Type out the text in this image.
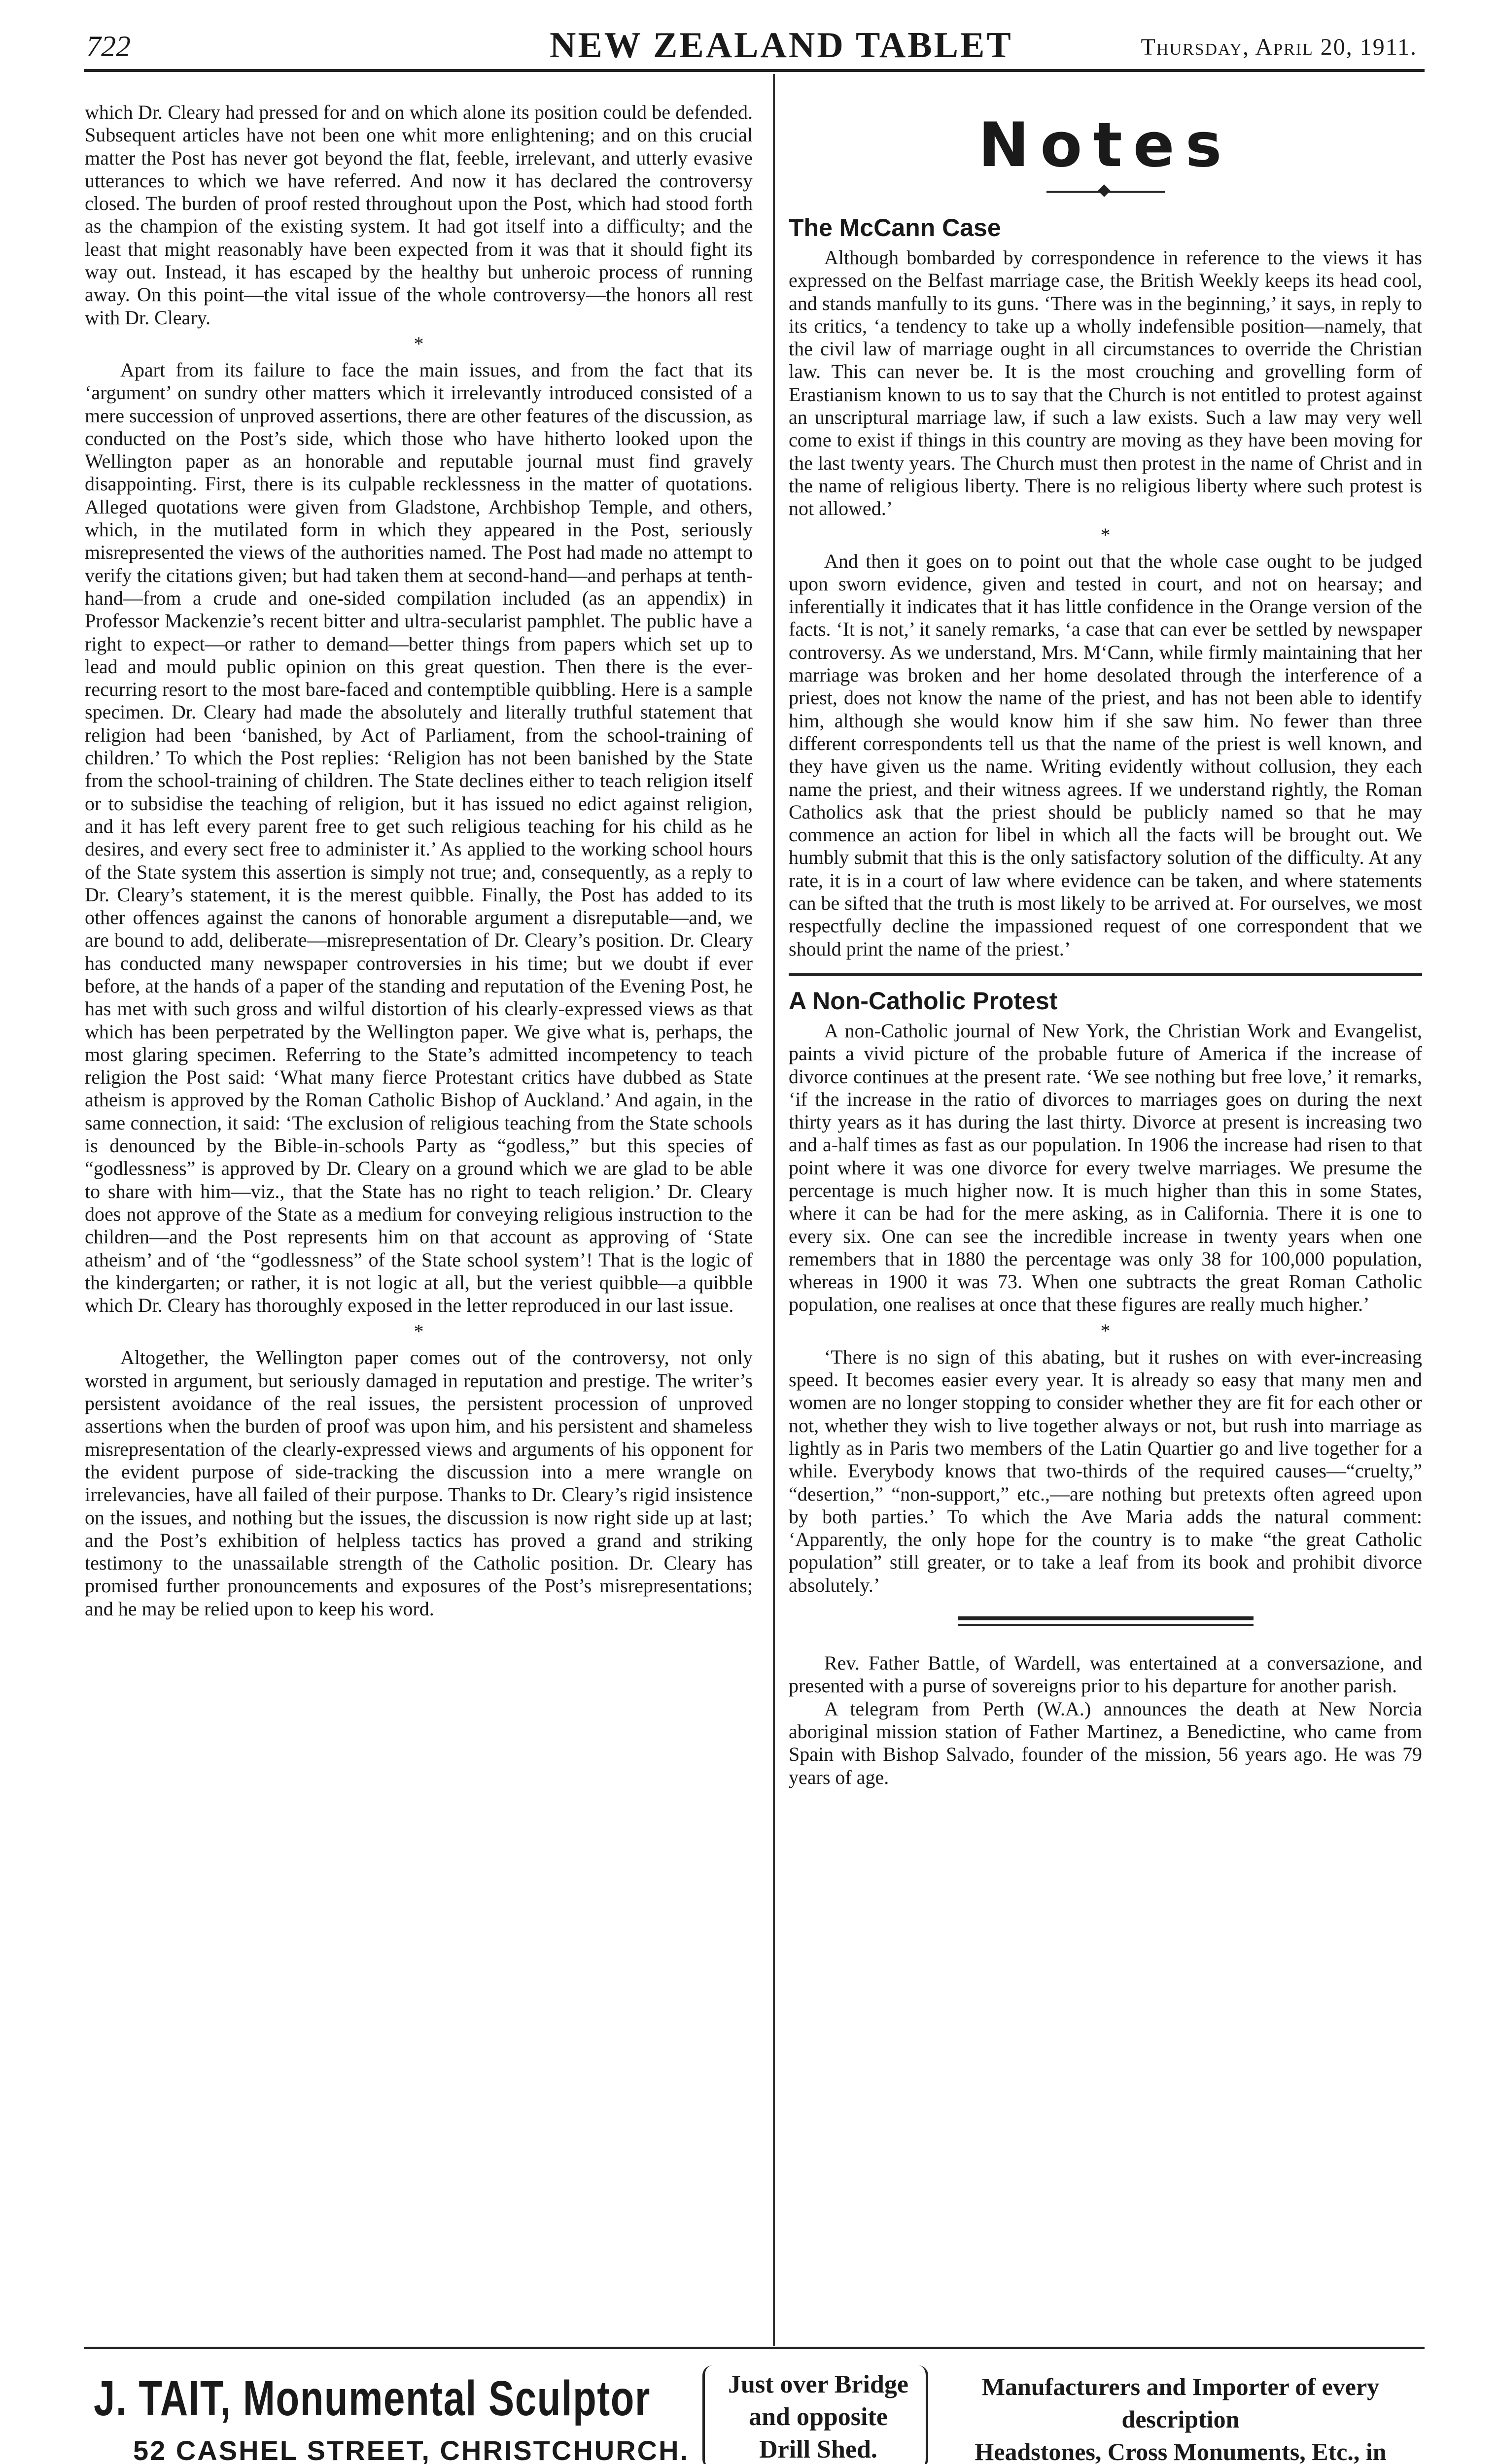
722	NEW ZEALAND TABLET	Thursday, April 20, 1911.

which Dr. Cleary had pressed for and on which alone its position could be defended. Subsequent articles have not been one whit more enlightening; and on this crucial matter the Post has never got beyond the flat, feeble, irrelevant, and utterly evasive utterances to which we have referred. And now it has declared the controversy closed. The burden of proof rested throughout upon the Post, which had stood forth as the champion of the existing system. It had got itself into a difficulty; and the least that might reasonably have been expected from it was that it should fight its way out. Instead, it has escaped by the healthy but unheroic process of running away. On this point—the vital issue of the whole controversy—the honors all rest with Dr. Cleary.

*

Apart from its failure to face the main issues, and from the fact that its ‘argument’ on sundry other matters which it irrelevantly introduced consisted of a mere succession of unproved assertions, there are other features of the discussion, as conducted on the Post’s side, which those who have hitherto looked upon the Wellington paper as an honorable and reputable journal must find gravely disappointing. First, there is its culpable recklessness in the matter of quotations. Alleged quotations were given from Gladstone, Archbishop Temple, and others, which, in the mutilated form in which they appeared in the Post, seriously misrepresented the views of the authorities named. The Post had made no attempt to verify the citations given; but had taken them at second-hand—and perhaps at tenth-hand—from a crude and one-sided compilation included (as an appendix) in Professor Mackenzie’s recent bitter and ultra-secularist pamphlet. The public have a right to expect—or rather to demand—better things from papers which set up to lead and mould public opinion on this great question. Then there is the ever-recurring resort to the most bare-faced and contemptible quibbling. Here is a sample specimen. Dr. Cleary had made the absolutely and literally truthful statement that religion had been ‘banished, by Act of Parliament, from the school-training of children.’ To which the Post replies: ‘Religion has not been banished by the State from the school-training of children. The State declines either to teach religion itself or to subsidise the teaching of religion, but it has issued no edict against religion, and it has left every parent free to get such religious teaching for his child as he desires, and every sect free to administer it.’ As applied to the working school hours of the State system this assertion is simply not true; and, consequently, as a reply to Dr. Cleary’s statement, it is the merest quibble. Finally, the Post has added to its other offences against the canons of honorable argument a disreputable—and, we are bound to add, deliberate—misrepresentation of Dr. Cleary’s position. Dr. Cleary has conducted many newspaper controversies in his time; but we doubt if ever before, at the hands of a paper of the standing and reputation of the Evening Post, he has met with such gross and wilful distortion of his clearly-expressed views as that which has been perpetrated by the Wellington paper. We give what is, perhaps, the most glaring specimen. Referring to the State’s admitted incompetency to teach religion the Post said: ‘What many fierce Protestant critics have dubbed as State atheism is approved by the Roman Catholic Bishop of Auckland.’ And again, in the same connection, it said: ‘The exclusion of religious teaching from the State schools is denounced by the Bible-in-schools Party as “godless,” but this species of “godlessness” is approved by Dr. Cleary on a ground which we are glad to be able to share with him—viz., that the State has no right to teach religion.’ Dr. Cleary does not approve of the State as a medium for conveying religious instruction to the children—and the Post represents him on that account as approving of ‘State atheism’ and of ‘the “godlessness” of the State school system’! That is the logic of the kindergarten; or rather, it is not logic at all, but the veriest quibble—a quibble which Dr. Cleary has thoroughly exposed in the letter reproduced in our last issue.

*

Altogether, the Wellington paper comes out of the controversy, not only worsted in argument, but seriously damaged in reputation and prestige. The writer’s persistent avoidance of the real issues, the persistent procession of unproved assertions when the burden of proof was upon him, and his persistent and shameless misrepresentation of the clearly-expressed views and arguments of his opponent for the evident purpose of side-tracking the discussion into a mere wrangle on irrelevancies, have all failed of their purpose. Thanks to Dr. Cleary’s rigid insistence on the issues, and nothing but the issues, the discussion is now right side up at last; and the Post’s exhibition of helpless tactics has proved a grand and striking testimony to the unassailable strength of the Catholic position. Dr. Cleary has promised further pronouncements and exposures of the Post’s misrepresentations; and he may be relied upon to keep his word.

Notes
The McCann Case

Although bombarded by correspondence in reference to the views it has expressed on the Belfast marriage case, the British Weekly keeps its head cool, and stands manfully to its guns. ‘There was in the beginning,’ it says, in reply to its critics, ‘a tendency to take up a wholly indefensible position—namely, that the civil law of marriage ought in all circumstances to override the Christian law. This can never be. It is the most crouching and grovelling form of Erastianism known to us to say that the Church is not entitled to protest against an unscriptural marriage law, if such a law exists. Such a law may very well come to exist if things in this country are moving as they have been moving for the last twenty years. The Church must then protest in the name of Christ and in the name of religious liberty. There is no religious liberty where such protest is not allowed.’

*

And then it goes on to point out that the whole case ought to be judged upon sworn evidence, given and tested in court, and not on hearsay; and inferentially it indicates that it has little confidence in the Orange version of the facts. ‘It is not,’ it sanely remarks, ‘a case that can ever be settled by newspaper controversy. As we understand, Mrs. M‘Cann, while firmly maintaining that her marriage was broken and her home desolated through the interference of a priest, does not know the name of the priest, and has not been able to identify him, although she would know him if she saw him. No fewer than three different correspondents tell us that the name of the priest is well known, and they have given us the name. Writing evidently without collusion, they each name the priest, and their witness agrees. If we understand rightly, the Roman Catholics ask that the priest should be publicly named so that he may commence an action for libel in which all the facts will be brought out. We humbly submit that this is the only satisfactory solution of the difficulty. At any rate, it is in a court of law where evidence can be taken, and where statements can be sifted that the truth is most likely to be arrived at. For ourselves, we most respectfully decline the impassioned request of one correspondent that we should print the name of the priest.’

A Non-Catholic Protest

A non-Catholic journal of New York, the Christian Work and Evangelist, paints a vivid picture of the probable future of America if the increase of divorce continues at the present rate. ‘We see nothing but free love,’ it remarks, ‘if the increase in the ratio of divorces to marriages goes on during the next thirty years as it has during the last thirty. Divorce at present is increasing two and a-half times as fast as our population. In 1906 the increase had risen to that point where it was one divorce for every twelve marriages. We presume the percentage is much higher now. It is much higher than this in some States, where it can be had for the mere asking, as in California. There it is one to every six. One can see the incredible increase in twenty years when one remembers that in 1880 the percentage was only 38 for 100,000 population, whereas in 1900 it was 73. When one subtracts the great Roman Catholic population, one realises at once that these figures are really much higher.’

*

‘There is no sign of this abating, but it rushes on with ever-increasing speed. It becomes easier every year. It is already so easy that many men and women are no longer stopping to consider whether they are fit for each other or not, whether they wish to live together always or not, but rush into marriage as lightly as in Paris two members of the Latin Quartier go and live together for a while. Everybody knows that two-thirds of the required causes—“cruelty,” “desertion,” “non-support,” etc.,—are nothing but pretexts often agreed upon by both parties.’ To which the Ave Maria adds the natural comment: ‘Apparently, the only hope for the country is to make “the great Catholic population” still greater, or to take a leaf from its book and prohibit divorce absolutely.’

Rev. Father Battle, of Wardell, was entertained at a conversazione, and presented with a purse of sovereigns prior to his departure for another parish.

A telegram from Perth (W.A.) announces the death at New Norcia aboriginal mission station of Father Martinez, a Benedictine, who came from Spain with Bishop Salvado, founder of the mission, 56 years ago. He was 79 years of age.

J. TAIT, Monumental Sculptor
52 CASHEL STREET, CHRISTCHURCH.
Just over Bridge
and opposite
Drill Shed.
Manufacturers and Importer of every description
Headstones, Cross Monuments, Etc., in
